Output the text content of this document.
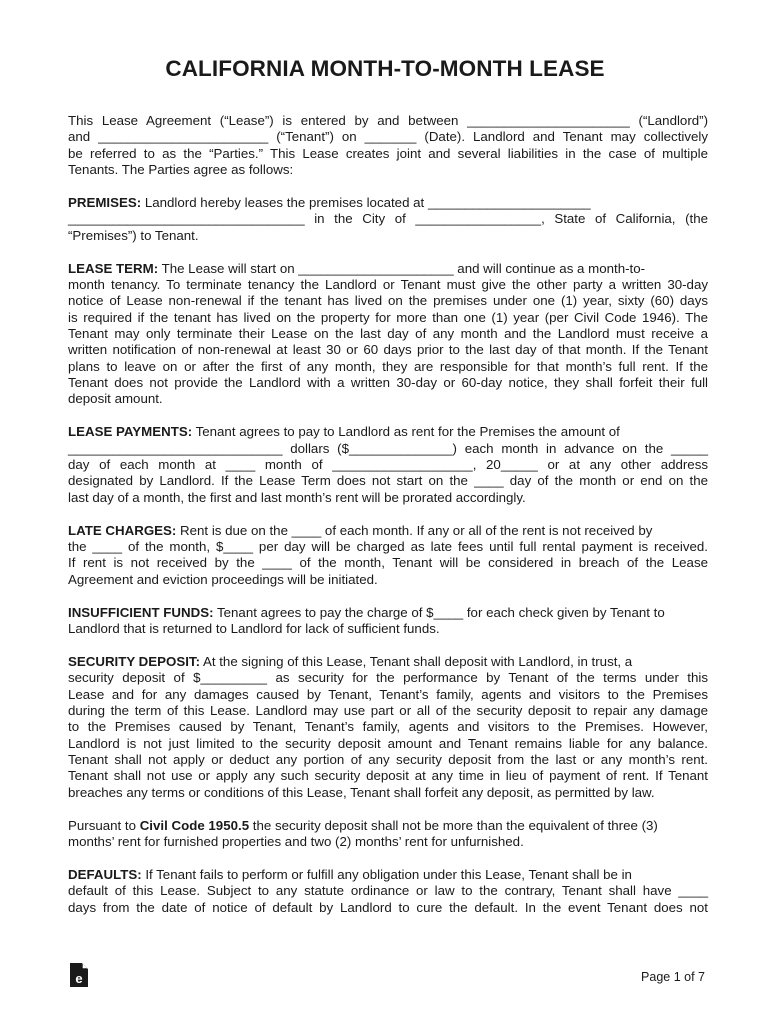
CALIFORNIA MONTH-TO-MONTH LEASE
This Lease Agreement (“Lease”) is entered by and between ______________________ (“Landlord”)
and _______________________ (“Tenant”) on _______ (Date). Landlord and Tenant may collectively
be referred to as the “Parties.” This Lease creates joint and several liabilities in the case of multiple
Tenants. The Parties agree as follows:
PREMISES: Landlord hereby leases the premises located at ______________________
________________________________ in the City of _________________, State of California, (the
“Premises”) to Tenant.
LEASE TERM: The Lease will start on _____________________ and will continue as a month-to-
month tenancy. To terminate tenancy the Landlord or Tenant must give the other party a written 30-day
notice of Lease non-renewal if the tenant has lived on the premises under one (1) year, sixty (60) days
is required if the tenant has lived on the property for more than one (1) year (per Civil Code 1946). The
Tenant may only terminate their Lease on the last day of any month and the Landlord must receive a
written notification of non-renewal at least 30 or 60 days prior to the last day of that month. If the Tenant
plans to leave on or after the first of any month, they are responsible for that month’s full rent. If the
Tenant does not provide the Landlord with a written 30-day or 60-day notice, they shall forfeit their full
deposit amount.
LEASE PAYMENTS: Tenant agrees to pay to Landlord as rent for the Premises the amount of
_____________________________ dollars ($______________) each month in advance on the _____
day of each month at ____ month of ___________________, 20_____ or at any other address
designated by Landlord. If the Lease Term does not start on the ____ day of the month or end on the
last day of a month, the first and last month’s rent will be prorated accordingly.
LATE CHARGES: Rent is due on the ____ of each month. If any or all of the rent is not received by
the ____ of the month, $____ per day will be charged as late fees until full rental payment is received.
If rent is not received by the ____ of the month, Tenant will be considered in breach of the Lease
Agreement and eviction proceedings will be initiated.
INSUFFICIENT FUNDS: Tenant agrees to pay the charge of $____ for each check given by Tenant to
Landlord that is returned to Landlord for lack of sufficient funds.
SECURITY DEPOSIT: At the signing of this Lease, Tenant shall deposit with Landlord, in trust, a
security deposit of $_________ as security for the performance by Tenant of the terms under this
Lease and for any damages caused by Tenant, Tenant’s family, agents and visitors to the Premises
during the term of this Lease. Landlord may use part or all of the security deposit to repair any damage
to the Premises caused by Tenant, Tenant’s family, agents and visitors to the Premises. However,
Landlord is not just limited to the security deposit amount and Tenant remains liable for any balance.
Tenant shall not apply or deduct any portion of any security deposit from the last or any month’s rent.
Tenant shall not use or apply any such security deposit at any time in lieu of payment of rent. If Tenant
breaches any terms or conditions of this Lease, Tenant shall forfeit any deposit, as permitted by law.
Pursuant to Civil Code 1950.5 the security deposit shall not be more than the equivalent of three (3)
months’ rent for furnished properties and two (2) months’ rent for unfurnished.
DEFAULTS: If Tenant fails to perform or fulfill any obligation under this Lease, Tenant shall be in
default of this Lease. Subject to any statute ordinance or law to the contrary, Tenant shall have ____
days from the date of notice of default by Landlord to cure the default. In the event Tenant does not
e	Page 1 of 7
